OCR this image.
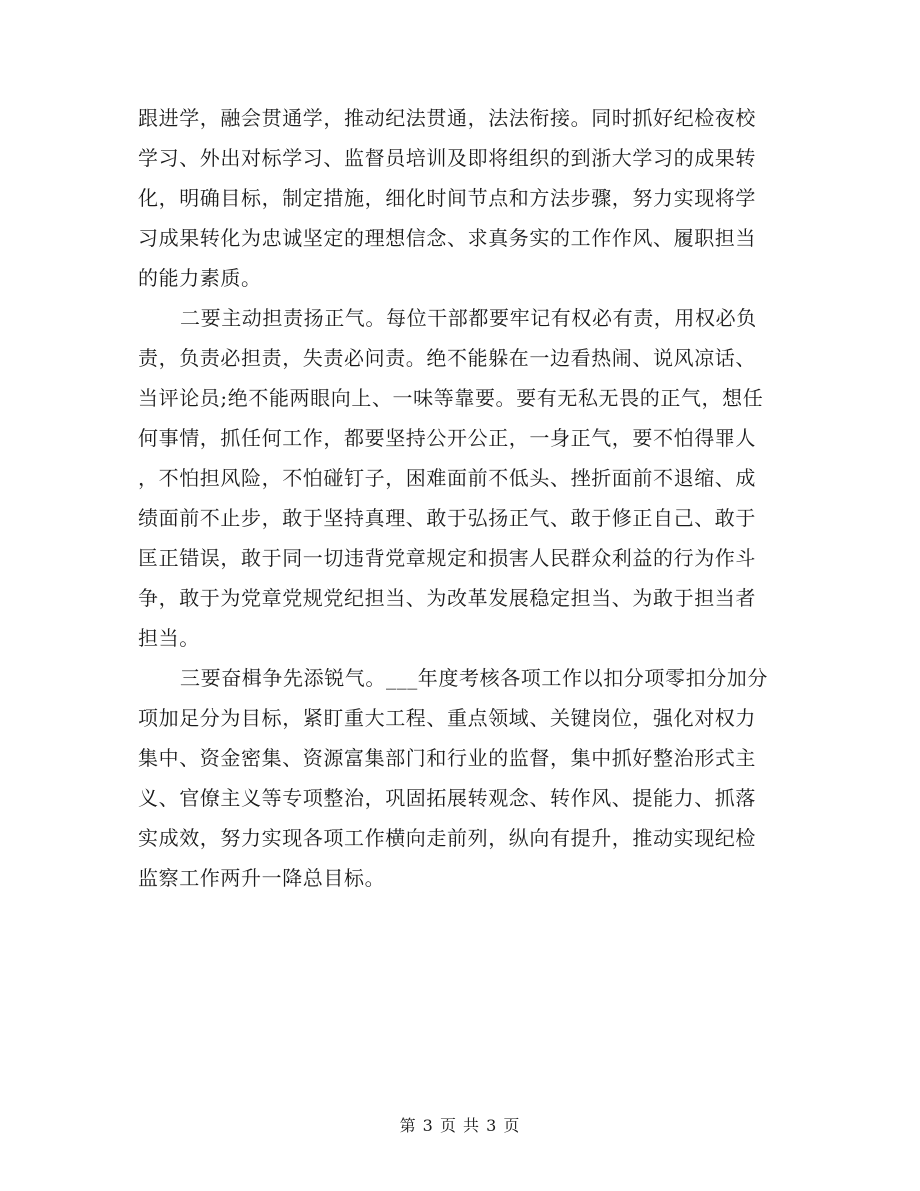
跟进学，融会贯通学，推动纪法贯通，法法衔接。同时抓好纪检夜校
学习、外出对标学习、监督员培训及即将组织的到浙大学习的成果转
化，明确目标，制定措施，细化时间节点和方法步骤，努力实现将学
习成果转化为忠诚坚定的理想信念、求真务实的工作作风、履职担当
的能力素质。
二要主动担责扬正气。每位干部都要牢记有权必有责，用权必负
责，负责必担责，失责必问责。绝不能躲在一边看热闹、说风凉话、
当评论员;绝不能两眼向上、一味等靠要。要有无私无畏的正气，想任
何事情，抓任何工作，都要坚持公开公正，一身正气，要不怕得罪人
，不怕担风险，不怕碰钉子，困难面前不低头、挫折面前不退缩、成
绩面前不止步，敢于坚持真理、敢于弘扬正气、敢于修正自己、敢于
匡正错误，敢于同一切违背党章规定和损害人民群众利益的行为作斗
争，敢于为党章党规党纪担当、为改革发展稳定担当、为敢于担当者
担当。
三要奋楫争先添锐气。___年度考核各项工作以扣分项零扣分加分
项加足分为目标，紧盯重大工程、重点领域、关键岗位，强化对权力
集中、资金密集、资源富集部门和行业的监督，集中抓好整治形式主
义、官僚主义等专项整治，巩固拓展转观念、转作风、提能力、抓落
实成效，努力实现各项工作横向走前列，纵向有提升，推动实现纪检
监察工作两升一降总目标。
第 3 页 共 3 页
